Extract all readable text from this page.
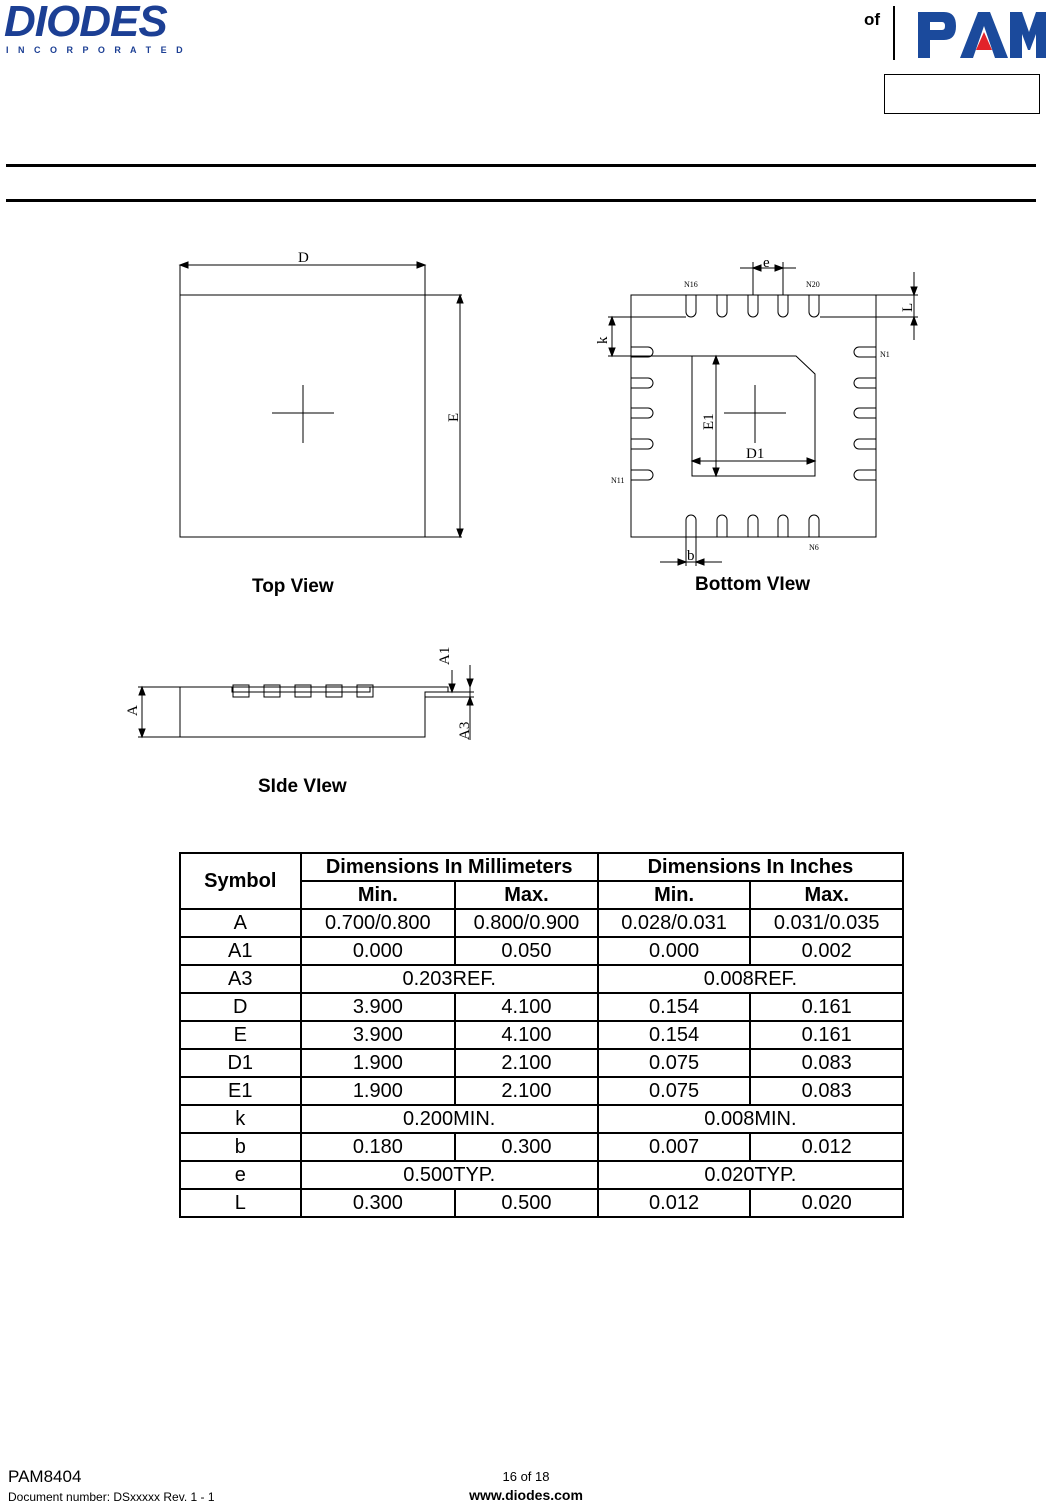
DIODES
I N C O R P O R A T E D
of
PAM
D
E
e
L
k
E1
D1
b
A
A1
A3
N16	N20
N1
N11
N6
Top View	Bottom VIew
SIde VIew
Symbol	Dimensions In Millimeters		Dimensions In Inches	
	Min.	Max.	Min.	Max.
A	0.700/0.800	0.800/0.900	0.028/0.031	0.031/0.035
A1	0.000	0.050	0.000	0.002
A3	0.203REF.		0.008REF.	
D	3.900	4.100	0.154	0.161
E	3.900	4.100	0.154	0.161
D1	1.900	2.100	0.075	0.083
E1	1.900	2.100	0.075	0.083
k	0.200MIN.		0.008MIN.	
b	0.180	0.300	0.007	0.012
e	0.500TYP.		0.020TYP.	
L	0.300	0.500	0.012	0.020
PAM8404
Document number: DSxxxxx Rev. 1 - 1
16 of 18
www.diodes.com
